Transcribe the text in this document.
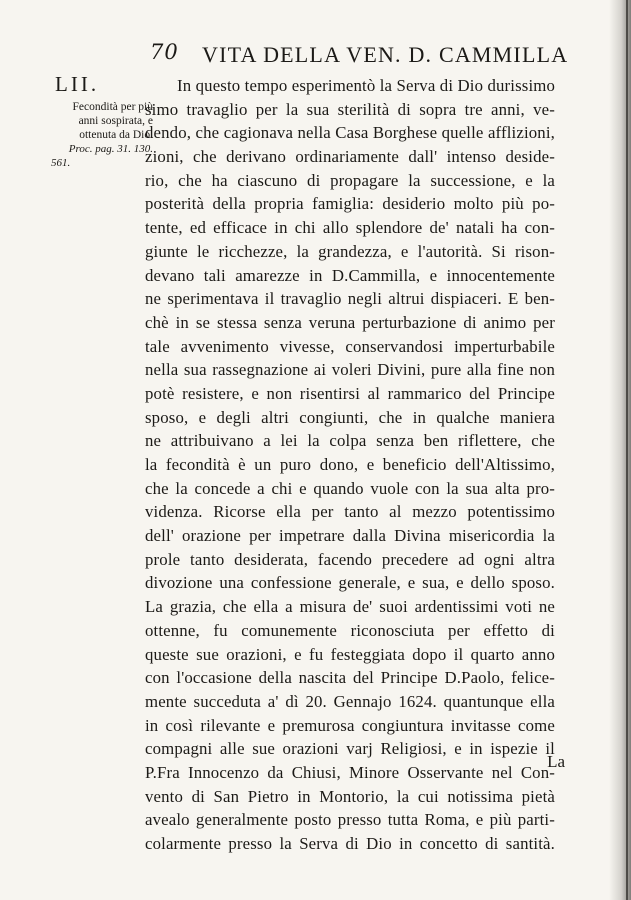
70 VITA DELLA VEN. D. CAMMILLA
LII.
Fecondità per più
anni sospirata, e
ottenuta da Dio.
Proc. pag. 31. 130.
561.
In questo tempo esperimentò la Serva di Dio durissimo
simo travaglio per la sua sterilità di sopra tre anni, ve-
dendo, che cagionava nella Casa Borghese quelle afflizioni,
zioni, che derivano ordinariamente dall' intenso deside-
rio, che ha ciascuno di propagare la successione, e la
posterità della propria famiglia: desiderio molto più po-
tente, ed efficace in chi allo splendore de' natali ha con-
giunte le ricchezze, la grandezza, e l'autorità. Si rison-
devano tali amarezze in D.Cammilla, e innocentemente
ne sperimentava il travaglio negli altrui dispiaceri. E ben-
chè in se stessa senza veruna perturbazione di animo per
tale avvenimento vivesse, conservandosi imperturbabile
nella sua rassegnazione ai voleri Divini, pure alla fine non
potè resistere, e non risentirsi al rammarico del Principe
sposo, e degli altri congiunti, che in qualche maniera
ne attribuivano a lei la colpa senza ben riflettere, che
la fecondità è un puro dono, e beneficio dell'Altissimo,
che la concede a chi e quando vuole con la sua alta pro-
videnza. Ricorse ella per tanto al mezzo potentissimo
dell' orazione per impetrare dalla Divina misericordia la
prole tanto desiderata, facendo precedere ad ogni altra
divozione una confessione generale, e sua, e dello sposo.
La grazia, che ella a misura de' suoi ardentissimi voti ne
ottenne, fu comunemente riconosciuta per effetto di
queste sue orazioni, e fu festeggiata dopo il quarto anno
con l'occasione della nascita del Principe D.Paolo, felice-
mente succeduta a' dì 20. Gennajo 1624. quantunque ella
in così rilevante e premurosa congiuntura invitasse come
compagni alle sue orazioni varj Religiosi, e in ispezie il
P.Fra Innocenzo da Chiusi, Minore Osservante nel Con-
vento di San Pietro in Montorio, la cui notissima pietà
avealo generalmente posto presso tutta Roma, e più parti-
colarmente presso la Serva di Dio in concetto di santità.
La
